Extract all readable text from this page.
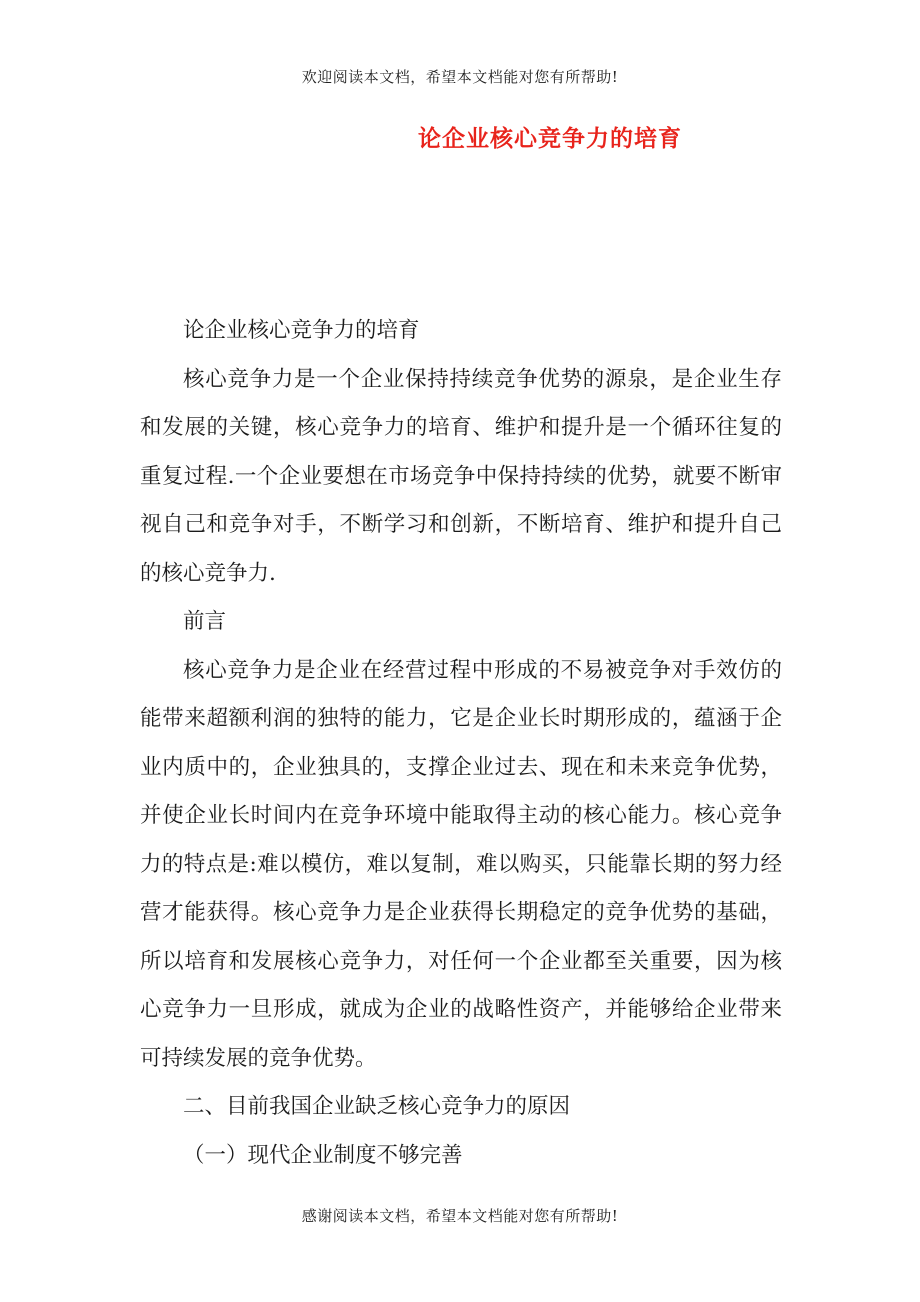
欢迎阅读本文档，希望本文档能对您有所帮助!
论企业核心竞争力的培育

论企业核心竞争力的培育

核心竞争力是一个企业保持持续竞争优势的源泉，是企业生存和发展的关键，核心竞争力的培育、维护和提升是一个循环往复的重复过程.一个企业要想在市场竞争中保持持续的优势，就要不断审视自己和竞争对手，不断学习和创新，不断培育、维护和提升自己的核心竞争力.

前言

核心竞争力是企业在经营过程中形成的不易被竞争对手效仿的能带来超额利润的独特的能力，它是企业长时期形成的，蕴涵于企业内质中的，企业独具的，支撑企业过去、现在和未来竞争优势，并使企业长时间内在竞争环境中能取得主动的核心能力。核心竞争力的特点是:难以模仿，难以复制，难以购买，只能靠长期的努力经营才能获得。核心竞争力是企业获得长期稳定的竞争优势的基础，所以培育和发展核心竞争力，对任何一个企业都至关重要，因为核心竞争力一旦形成，就成为企业的战略性资产，并能够给企业带来可持续发展的竞争优势。

二、目前我国企业缺乏核心竞争力的原因

（一）现代企业制度不够完善

感谢阅读本文档，希望本文档能对您有所帮助!
